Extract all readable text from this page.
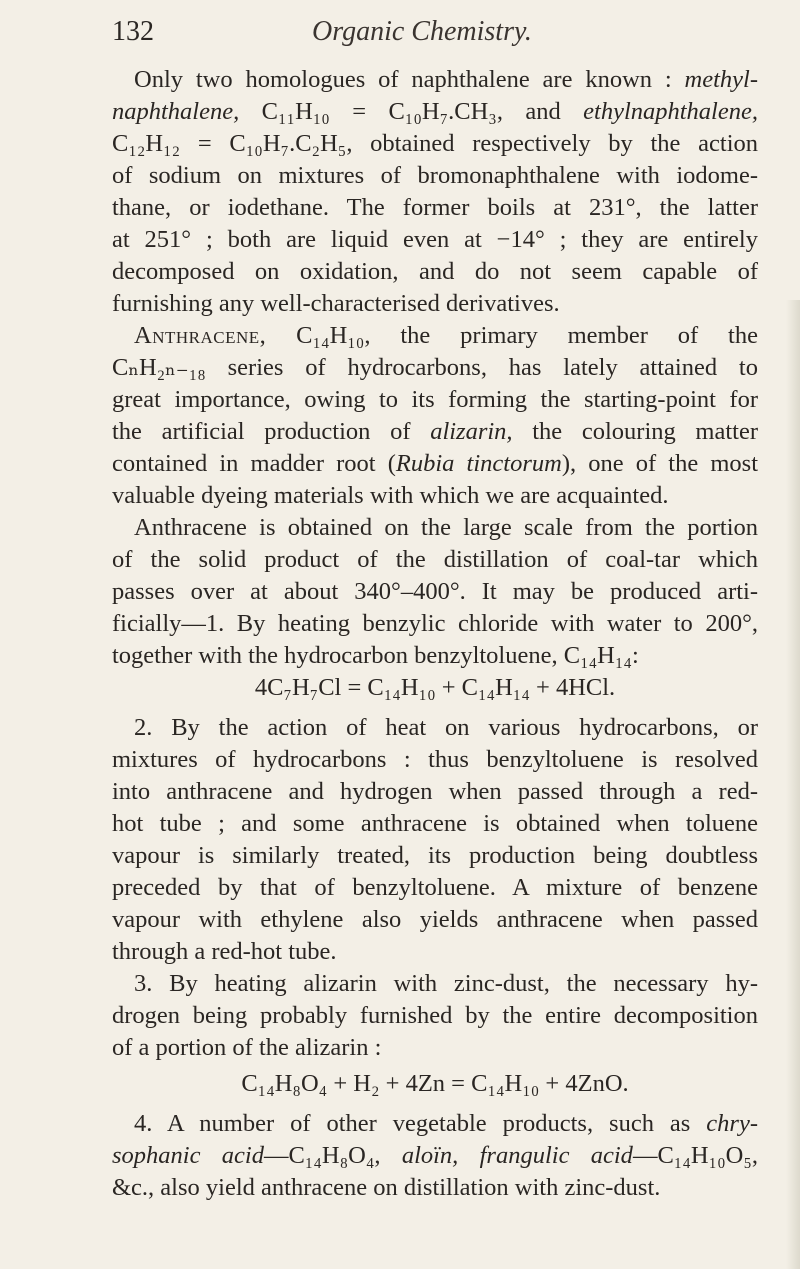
132	Organic Chemistry.
Only two homologues of naphthalene are known : methyl-
naphthalene, C₁₁H₁₀ = C₁₀H₇.CH₃, and ethylnaphthalene,
C₁₂H₁₂ = C₁₀H₇.C₂H₅, obtained respectively by the action
of sodium on mixtures of bromonaphthalene with iodome-
thane, or iodethane. The former boils at 231°, the latter
at 251° ; both are liquid even at −14° ; they are entirely
decomposed on oxidation, and do not seem capable of
furnishing any well-characterised derivatives.
Anthracene, C₁₄H₁₀, the primary member of the
CₙH₂ₙ₋₁₈ series of hydrocarbons, has lately attained to
great importance, owing to its forming the starting-point for
the artificial production of alizarin, the colouring matter
contained in madder root (Rubia tinctorum), one of the most
valuable dyeing materials with which we are acquainted.
Anthracene is obtained on the large scale from the portion
of the solid product of the distillation of coal-tar which
passes over at about 340°–400°. It may be produced arti-
ficially—1. By heating benzylic chloride with water to 200°,
together with the hydrocarbon benzyltoluene, C₁₄H₁₄:
4C₇H₇Cl = C₁₄H₁₀ + C₁₄H₁₄ + 4HCl.
2. By the action of heat on various hydrocarbons, or
mixtures of hydrocarbons : thus benzyltoluene is resolved
into anthracene and hydrogen when passed through a red-
hot tube ; and some anthracene is obtained when toluene
vapour is similarly treated, its production being doubtless
preceded by that of benzyltoluene. A mixture of benzene
vapour with ethylene also yields anthracene when passed
through a red-hot tube.
3. By heating alizarin with zinc-dust, the necessary hy-
drogen being probably furnished by the entire decomposition
of a portion of the alizarin :
C₁₄H₈O₄ + H₂ + 4Zn = C₁₄H₁₀ + 4ZnO.
4. A number of other vegetable products, such as chry-
sophanic acid—C₁₄H₈O₄, aloïn, frangulic acid—C₁₄H₁₀O₅,
&c., also yield anthracene on distillation with zinc-dust.
